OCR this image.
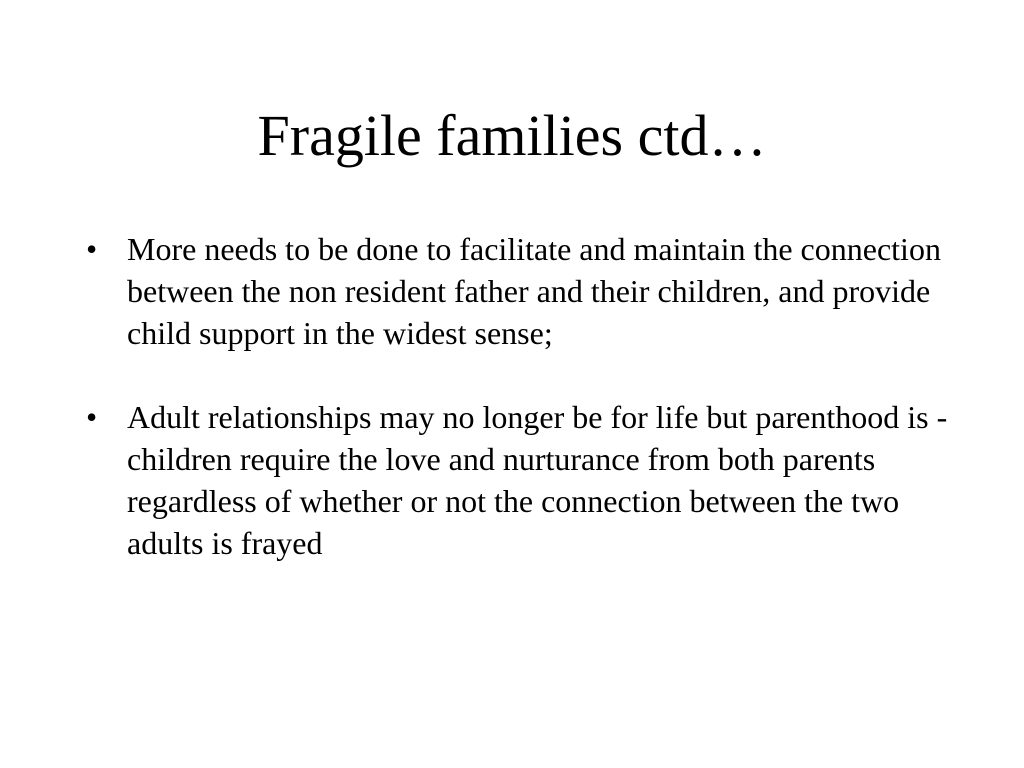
Fragile families ctd…
• More needs to be done to facilitate and maintain the connection between the non resident father and their children, and provide child support in the widest sense;
• Adult relationships may no longer be for life but parenthood is -  children require the love and nurturance from both parents regardless of whether or not the connection between the two adults is frayed
